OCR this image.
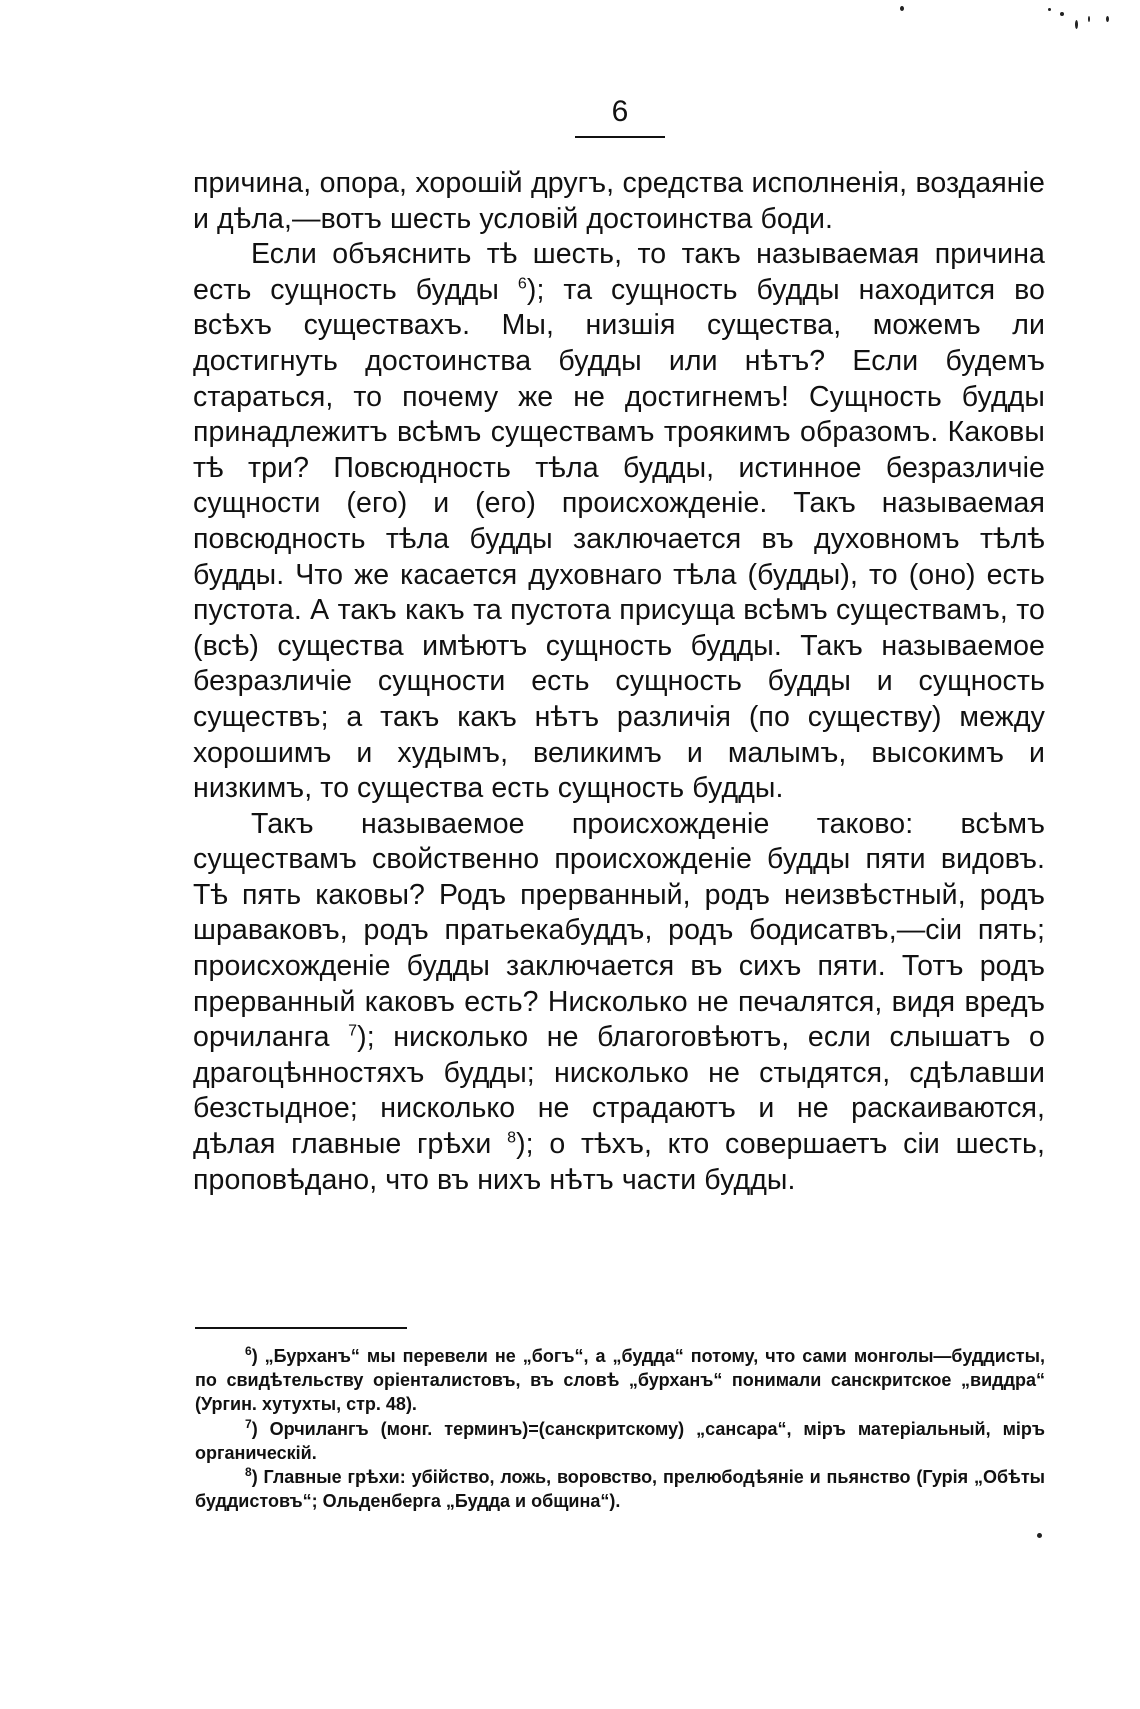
6

причина, опора, хорошій другъ, средства исполненія, воздаяніе и дѣла,—вотъ шесть условій достоинства боди.

Если объяснить тѣ шесть, то такъ называемая причина есть сущность будды $^6$); та сущность будды находится во всѣхъ существахъ. Мы, низшія существа, можемъ ли достигнуть достоинства будды или нѣтъ? Если будемъ стараться, то почему же не достигнемъ! Сущность будды принадлежитъ всѣмъ существамъ троякимъ образомъ. Каковы тѣ три? Повсюдность тѣла будды, истинное безразличіе сущности (его) и (его) происхожденіе. Такъ называемая повсюдность тѣла будды заключается въ духовномъ тѣлѣ будды. Что же касается духовнаго тѣла (будды), то (оно) есть пустота. А такъ какъ та пустота присуща всѣмъ существамъ, то (всѣ) существа имѣютъ сущность будды. Такъ называемое безразличіе сущности есть сущность будды и сущность существъ; а такъ какъ нѣтъ различія (по существу) между хорошимъ и худымъ, великимъ и малымъ, высокимъ и низкимъ, то существа есть сущность будды.

Такъ называемое происхожденіе таково: всѣмъ существамъ свойственно происхожденіе будды пяти видовъ. Тѣ пять каковы? Родъ прерванный, родъ неизвѣстный, родъ шраваковъ, родъ пратьекабуддъ, родъ бодисатвъ,—сіи пять; происхожденіе будды заключается въ сихъ пяти. Тотъ родъ прерванный каковъ есть? Нисколько не печалятся, видя вредъ орчиланга $^7$); нисколько не благоговѣютъ, если слышатъ о драгоцѣнностяхъ будды; нисколько не стыдятся, сдѣлавши безстыдное; нисколько не страдаютъ и не раскаиваются, дѣлая главные грѣхи $^8$); о тѣхъ, кто совершаетъ сіи шесть, проповѣдано, что въ нихъ нѣтъ части будды.

$^6$) „Бурханъ“ мы перевели не „богъ“, а „будда“ потому, что сами монголы—буддисты, по свидѣтельству оріенталистовъ, въ словѣ „бурханъ“ понимали санскритское „виддра“ (Ургин. хутухты, стр. 48).

$^7$) Орчилангъ (монг. терминъ)=(санскритскому) „сансара“, міръ матеріальный, міръ органическій.

$^8$) Главные грѣхи: убійство, ложь, воровство, прелюбодѣяніе и пьянство (Гурія „Обѣты буддистовъ“; Ольденберга „Будда и община“).
